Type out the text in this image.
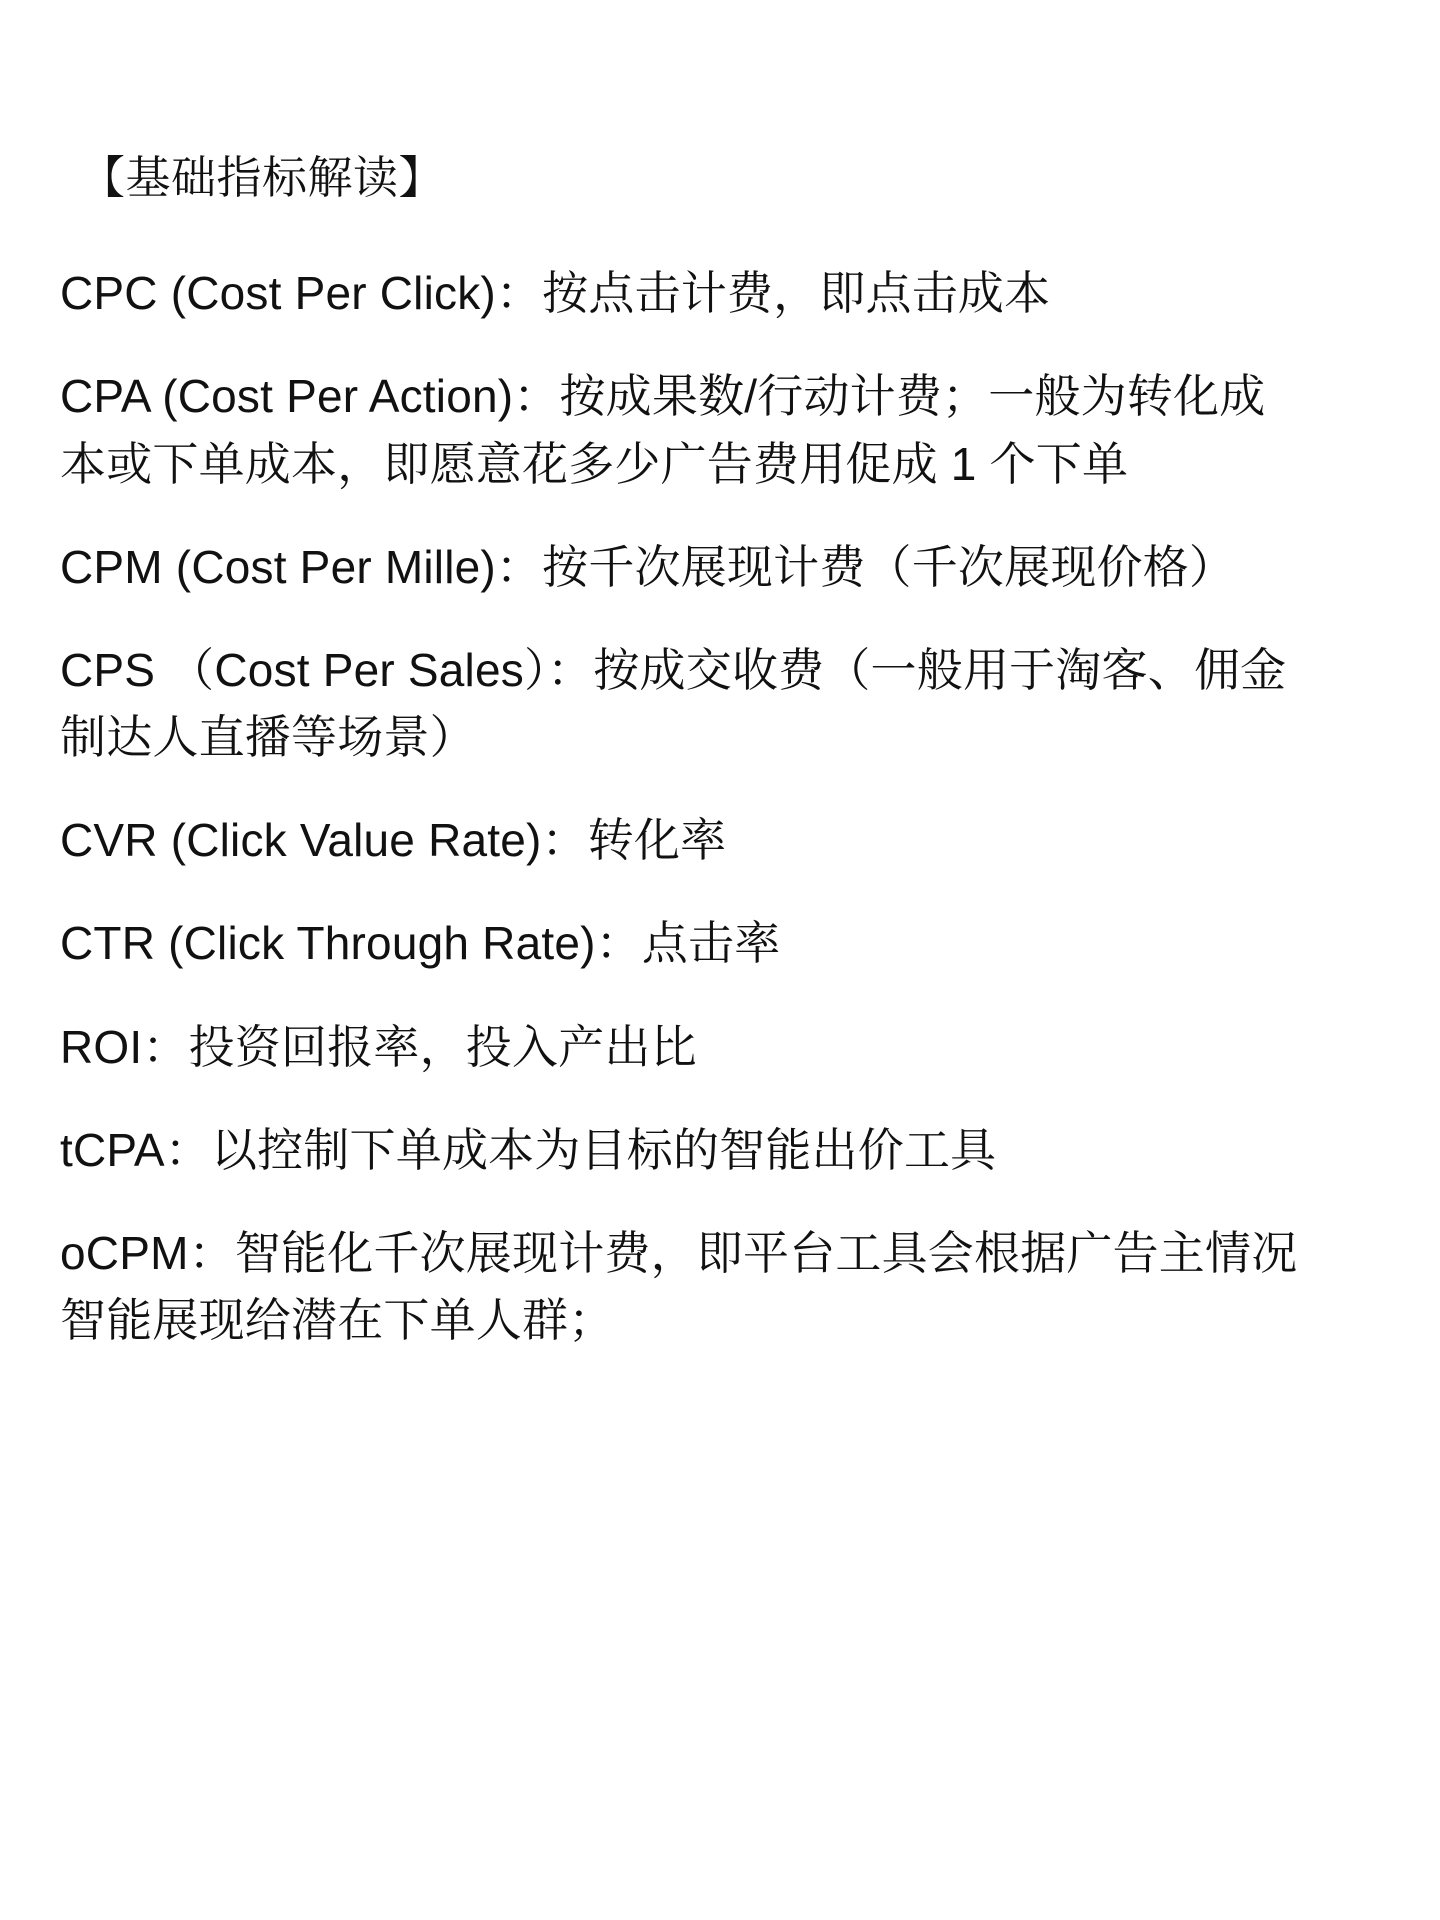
【基础指标解读】

CPC (Cost Per Click)：按点击计费，即点击成本

CPA (Cost Per Action)：按成果数/行动计费；一般为转化成本或下单成本，即愿意花多少广告费用促成 1 个下单

CPM (Cost Per Mille)：按千次展现计费（千次展现价格）

CPS （Cost Per Sales）：按成交收费（一般用于淘客、佣金制达人直播等场景）

CVR (Click Value Rate)：转化率

CTR (Click Through Rate)：点击率

ROI：投资回报率，投入产出比

tCPA：以控制下单成本为目标的智能出价工具

oCPM：智能化千次展现计费，即平台工具会根据广告主情况智能展现给潜在下单人群；
